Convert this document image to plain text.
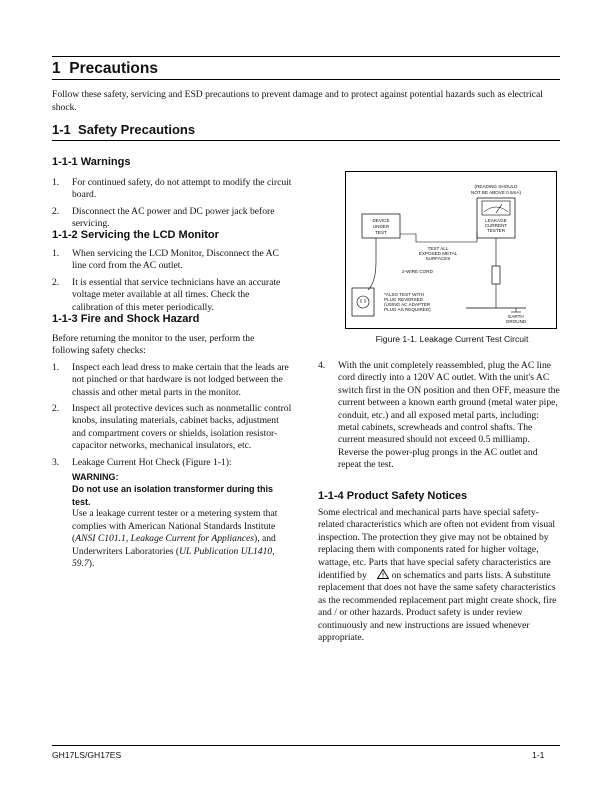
1 Precautions
Follow these safety, servicing and ESD precautions to prevent damage and to protect against potential hazards such as electrical shock.
1-1 Safety Precautions
1-1-1 Warnings
1. For continued safety, do not attempt to modify the circuit board.
2. Disconnect the AC power and DC power jack before servicing.
1-1-2 Servicing the LCD Monitor
1. When servicing the LCD Monitor, Disconnect the AC line cord from the AC outlet.
2. It is essential that service technicians have an accurate voltage meter available at all times. Check the calibration of this meter periodically.
1-1-3 Fire and Shock Hazard
Before returning the monitor to the user, perform the following safety checks:
1. Inspect each lead dress to make certain that the leads are not pinched or that hardware is not lodged between the chassis and other metal parts in the monitor.
2. Inspect all protective devices such as nonmetallic control knobs, insulating materials, cabinet backs, adjustment and compartment covers or shields, isolation resistor-capacitor networks, mechanical insulators, etc.
3. Leakage Current Hot Check (Figure 1-1):
WARNING:
Do not use an isolation transformer during this test.
Use a leakage current tester or a metering system that complies with American National Standards Institute (ANSI C101.1, Leakage Current for Appliances), and Underwriters Laboratories (UL Publication UL1410, 59.7).
DEVICE
UNDER
TEST
(READING SHOULD
NOT BE ABOVE 0.5mA)
LEAKAGE
CURRENT
TESTER
TEST ALL
EXPOSED METAL
SURFACES
EARTH
GROUND
2-WIRE CORD
*ALSO TEST WITH
PLUG REVERSED
(USING AC ADAPTER
PLUG AS REQUIRED)
Figure 1-1. Leakage Current Test Circuit
4. With the unit completely reassembled, plug the AC line cord directly into a 120V AC outlet. With the unit's AC switch first in the ON position and then OFF, measure the current between a known earth ground (metal water pipe, conduit, etc.) and all exposed metal parts, including: metal cabinets, screwheads and control shafts. The current measured should not exceed 0.5 milliamp. Reverse the power-plug prongs in the AC outlet and repeat the test.
1-1-4 Product Safety Notices
Some electrical and mechanical parts have special safety-related characteristics which are often not evident from visual inspection. The protection they give may not be obtained by replacing them with components rated for higher voltage, wattage, etc. Parts that have special safety characteristics are identified by  on schematics and parts lists. A substitute replacement that does not have the same safety characteristics as the recommended replacement part might create shock, fire and / or other hazards. Product safety is under review continuously and new instructions are issued whenever appropriate.
GH17LS/GH17ES	1-1
